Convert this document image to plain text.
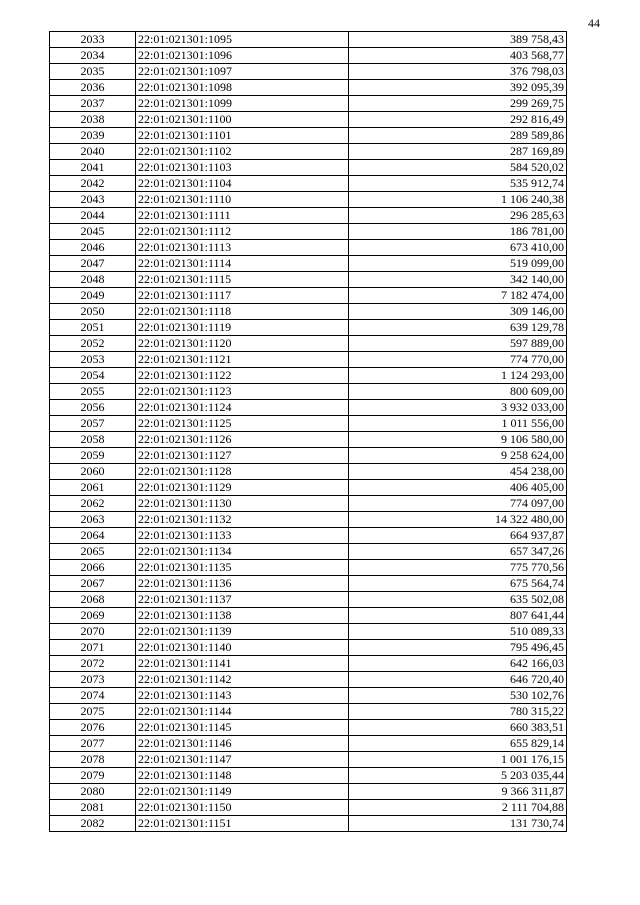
44
2033	22:01:021301:1095	389 758,43
2034	22:01:021301:1096	403 568,77
2035	22:01:021301:1097	376 798,03
2036	22:01:021301:1098	392 095,39
2037	22:01:021301:1099	299 269,75
2038	22:01:021301:1100	292 816,49
2039	22:01:021301:1101	289 589,86
2040	22:01:021301:1102	287 169,89
2041	22:01:021301:1103	584 520,02
2042	22:01:021301:1104	535 912,74
2043	22:01:021301:1110	1 106 240,38
2044	22:01:021301:1111	296 285,63
2045	22:01:021301:1112	186 781,00
2046	22:01:021301:1113	673 410,00
2047	22:01:021301:1114	519 099,00
2048	22:01:021301:1115	342 140,00
2049	22:01:021301:1117	7 182 474,00
2050	22:01:021301:1118	309 146,00
2051	22:01:021301:1119	639 129,78
2052	22:01:021301:1120	597 889,00
2053	22:01:021301:1121	774 770,00
2054	22:01:021301:1122	1 124 293,00
2055	22:01:021301:1123	800 609,00
2056	22:01:021301:1124	3 932 033,00
2057	22:01:021301:1125	1 011 556,00
2058	22:01:021301:1126	9 106 580,00
2059	22:01:021301:1127	9 258 624,00
2060	22:01:021301:1128	454 238,00
2061	22:01:021301:1129	406 405,00
2062	22:01:021301:1130	774 097,00
2063	22:01:021301:1132	14 322 480,00
2064	22:01:021301:1133	664 937,87
2065	22:01:021301:1134	657 347,26
2066	22:01:021301:1135	775 770,56
2067	22:01:021301:1136	675 564,74
2068	22:01:021301:1137	635 502,08
2069	22:01:021301:1138	807 641,44
2070	22:01:021301:1139	510 089,33
2071	22:01:021301:1140	795 496,45
2072	22:01:021301:1141	642 166,03
2073	22:01:021301:1142	646 720,40
2074	22:01:021301:1143	530 102,76
2075	22:01:021301:1144	780 315,22
2076	22:01:021301:1145	660 383,51
2077	22:01:021301:1146	655 829,14
2078	22:01:021301:1147	1 001 176,15
2079	22:01:021301:1148	5 203 035,44
2080	22:01:021301:1149	9 366 311,87
2081	22:01:021301:1150	2 111 704,88
2082	22:01:021301:1151	131 730,74
